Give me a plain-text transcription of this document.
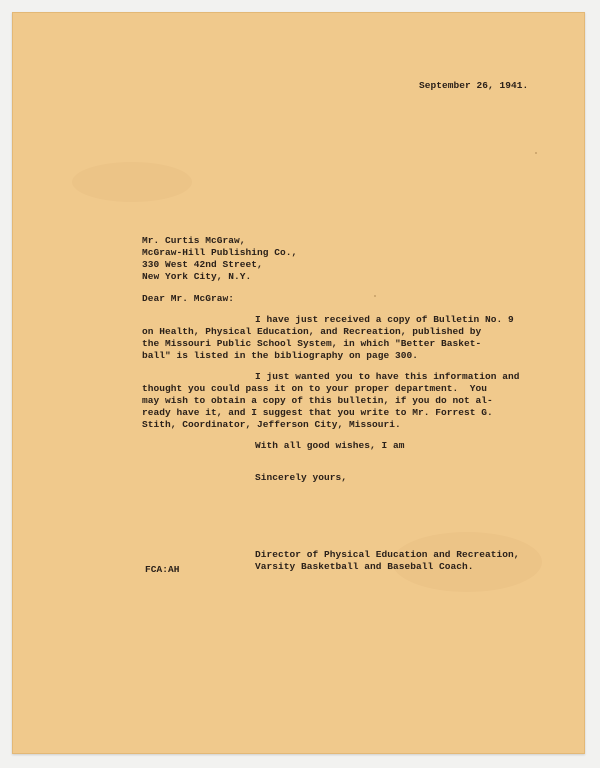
September 26, 1941.
Mr. Curtis McGraw,
McGraw-Hill Publishing Co.,
330 West 42nd Street,
New York City, N.Y.
Dear Mr. McGraw:
I have just received a copy of Bulletin No. 9
on Health, Physical Education, and Recreation, published by
the Missouri Public School System, in which "Better Basket-
ball" is listed in the bibliography on page 300.
I just wanted you to have this information and
thought you could pass it on to your proper department.  You
may wish to obtain a copy of this bulletin, if you do not al-
ready have it, and I suggest that you write to Mr. Forrest G.
Stith, Coordinator, Jefferson City, Missouri.
With all good wishes, I am
Sincerely yours,
Director of Physical Education and Recreation,
Varsity Basketball and Baseball Coach.
FCA:AH
